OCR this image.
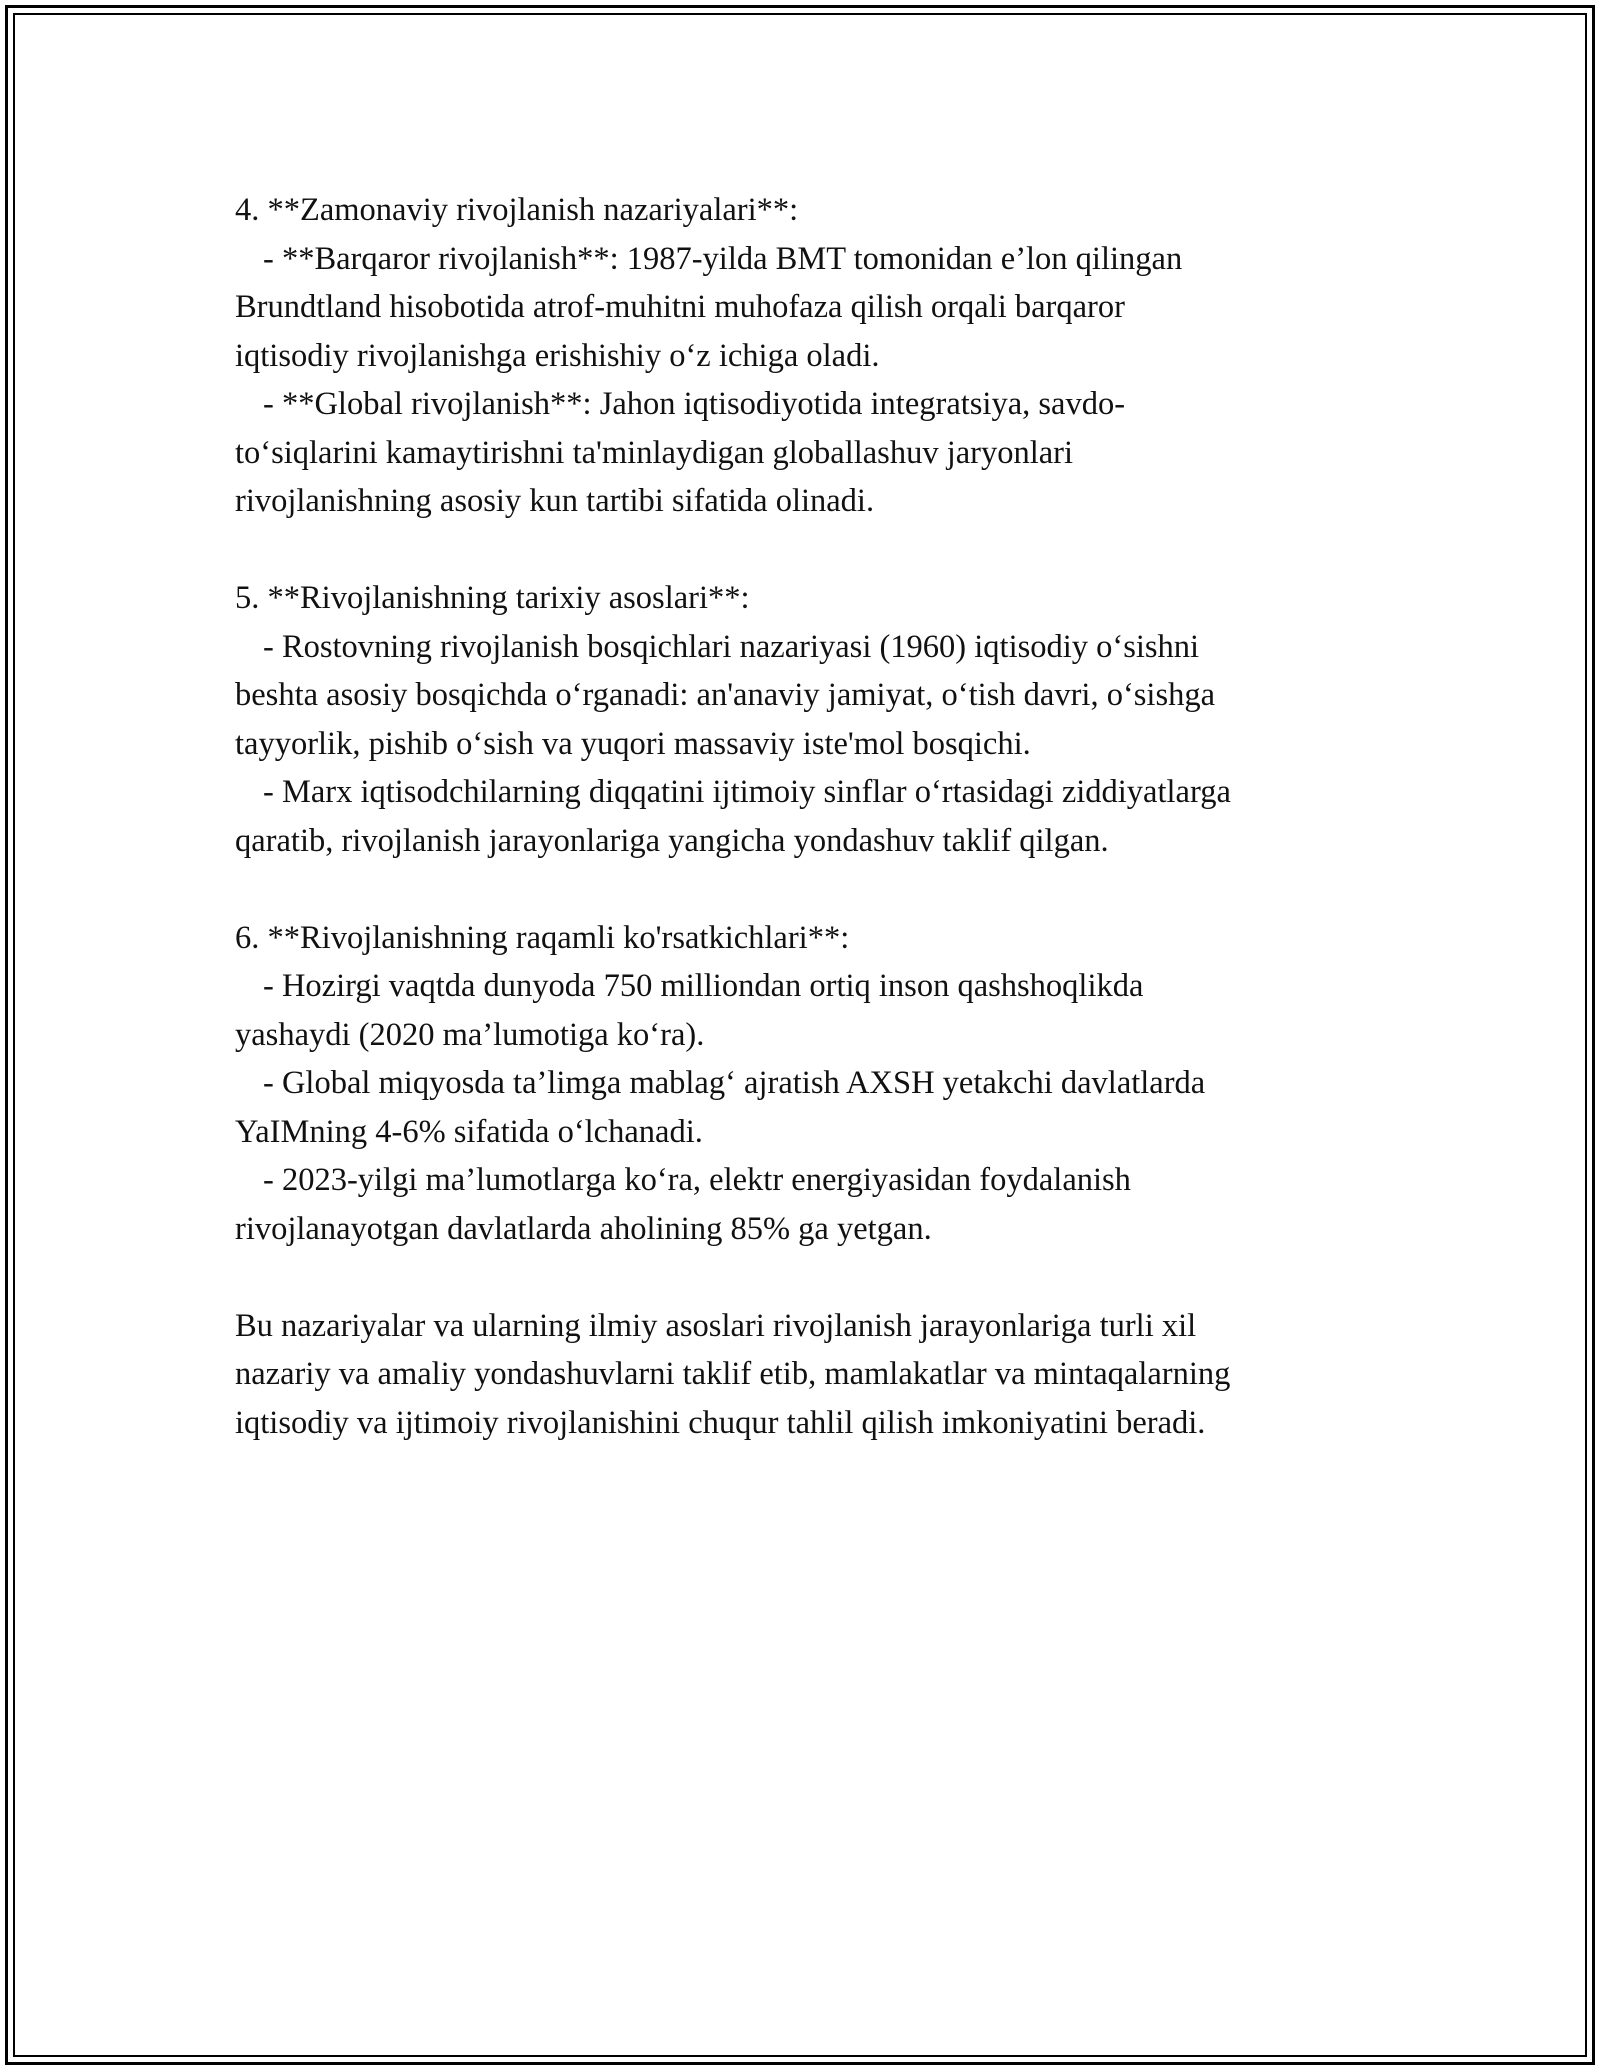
4. **Zamonaviy rivojlanish nazariyalari**:
- **Barqaror rivojlanish**: 1987-yilda BMT tomonidan e’lon qilingan
Brundtland hisobotida atrof-muhitni muhofaza qilish orqali barqaror
iqtisodiy rivojlanishga erishishiy o‘z ichiga oladi.
- **Global rivojlanish**: Jahon iqtisodiyotida integratsiya, savdo-
to‘siqlarini kamaytirishni ta'minlaydigan globallashuv jaryonlari
rivojlanishning asosiy kun tartibi sifatida olinadi.
5. **Rivojlanishning tarixiy asoslari**:
- Rostovning rivojlanish bosqichlari nazariyasi (1960) iqtisodiy o‘sishni
beshta asosiy bosqichda o‘rganadi: an'anaviy jamiyat, o‘tish davri, o‘sishga
tayyorlik, pishib o‘sish va yuqori massaviy iste'mol bosqichi.
- Marx iqtisodchilarning diqqatini ijtimoiy sinflar o‘rtasidagi ziddiyatlarga
qaratib, rivojlanish jarayonlariga yangicha yondashuv taklif qilgan.
6. **Rivojlanishning raqamli ko'rsatkichlari**:
- Hozirgi vaqtda dunyoda 750 milliondan ortiq inson qashshoqlikda
yashaydi (2020 ma’lumotiga ko‘ra).
- Global miqyosda ta’limga mablag‘ ajratish AXSH yetakchi davlatlarda
YaIMning 4-6% sifatida o‘lchanadi.
- 2023-yilgi ma’lumotlarga ko‘ra, elektr energiyasidan foydalanish
rivojlanayotgan davlatlarda aholining 85% ga yetgan.
Bu nazariyalar va ularning ilmiy asoslari rivojlanish jarayonlariga turli xil
nazariy va amaliy yondashuvlarni taklif etib, mamlakatlar va mintaqalarning
iqtisodiy va ijtimoiy rivojlanishini chuqur tahlil qilish imkoniyatini beradi.
